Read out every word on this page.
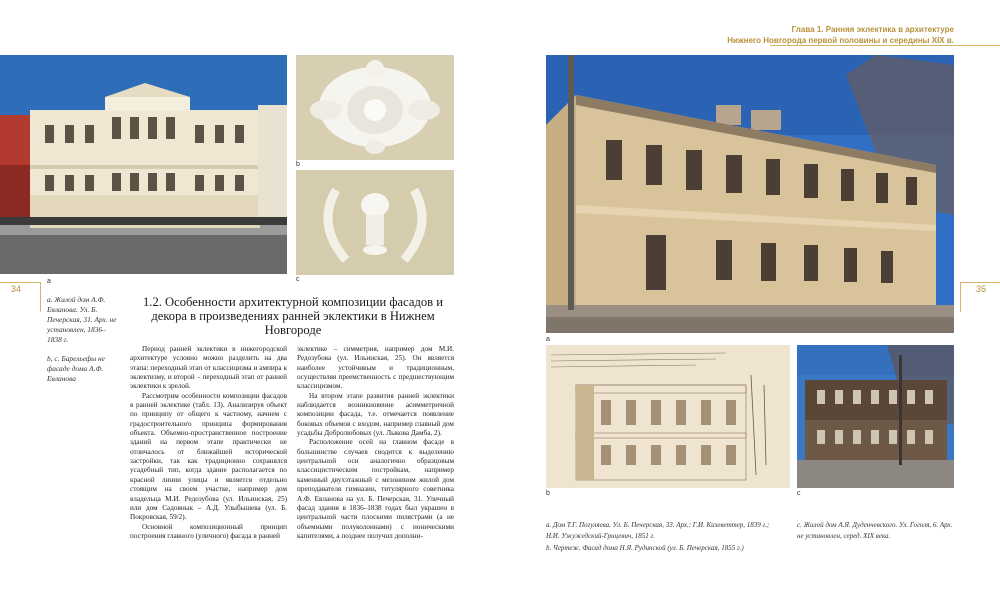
a
b
c
34

а. Жилой дом А.Ф. Евланова. Ул. Б. Печерская, 31. Арх. не установлен, 1836–1838 г.

b, c. Барельефы не фасаде дома А.Ф. Евланова

1.2. Особенности архитектурной композиции фасадов и декора в произведениях ранней эклектики в Нижнем Новгороде

Период ранней эклектики в нижегородской архитектуре условно можно разделить на два этапа: переходный этап от классицизма и ампира к эклектизму, и второй – переходный этап от ранней эклектики к зрелой.

Рассмотрим особенности композиции фасадов в ранней эклектике (табл. 13). Анализируя объект по принципу от общего к частному, начнем с градостроительного принципа формирования объекта. Объемно-пространственное построение зданий на первом этапе практически не отличалось от ближайшей исторической застройки, так как традиционно сохранялся усадебный тип, когда здание располагается по красной линии улицы и является отдельно стоящим на своем участке, например дом владельца М.И. Редозубова (ул. Ильинская, 25) или дом Садовнык – А.Д. Улыбышева (ул. Б. Покровская, 59/2).

Основной композиционный принцип построения главного (уличного) фасада в ранней

эклектике – симметрия, например дом М.И. Редозубова (ул. Ильинская, 25). Он является наиболее устойчивым и традиционным, осуществляя преемственность с предшествующим классицизмом.

На втором этапе развития ранней эклектики наблюдается возникновение асимметричной композиции фасада, т.е. отмечается появление боковых объемов с входом, например главный дом усадьбы Добролюбовых (ул. Лыкова Дамба, 2).

Расположение осей на главном фасаде в большинстве случаев сводится к выделению центральной оси аналогично образцовым классицистическим постройкам, например каменный двухэтажный с мезонином жилой дом преподавателя гимназии, титулярного советника А.Ф. Евланова на ул. Б. Печерская, 31. Уличный фасад здания в 1836–1838 годах был украшен в центральной части плоскими пилястрами (а не объемными полуколоннами) с ионическими капителями, а позднее получил дополни-

Глава 1. Ранняя эклектика в архитектуре
Нижнего Новгорода первой половины и середины XIX в.
a
b	c
35
а. Дом Т.Г. Погуляева. Ул. Б. Печерская, 33. Арх.: Г.И. Кизеветтер, 1839 г.; Н.И. Ужужедский-Грицевич, 1851 г.
b. Чертеж. Фасад дома Н.Я. Рудинской (ул. Б. Печерская, 1855 г.)
c. Жилой дом А.Я. Дуденчевского. Ул. Гоголя, 6. Арх. не установлен, серед. XIX века.
